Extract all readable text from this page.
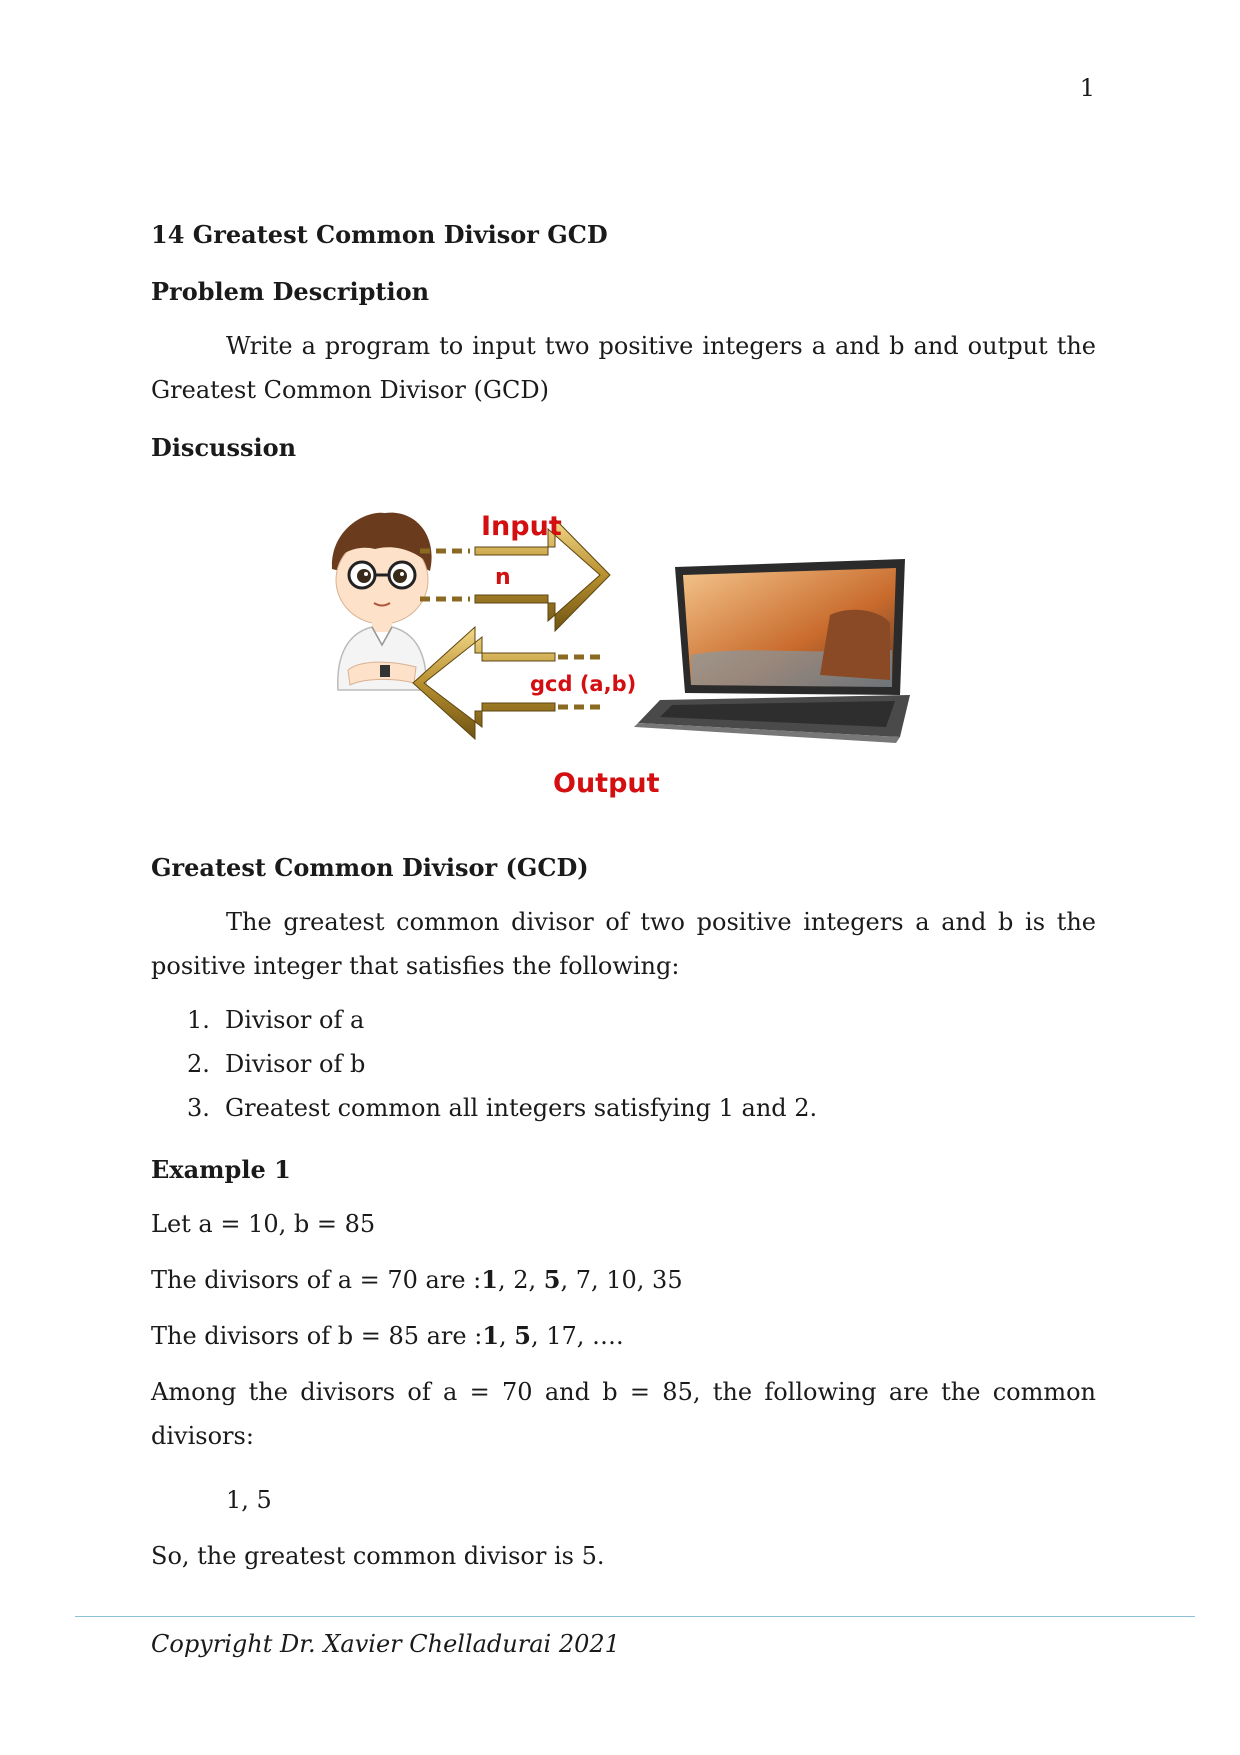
1

14 Greatest Common Divisor GCD

Problem Description

Write a program to input two positive integers a and b and output the Greatest Common Divisor (GCD)

Discussion

Greatest Common Divisor (GCD)

The greatest common divisor of two positive integers a and b is the positive integer that satisfies the following:

1. Divisor of a
2. Divisor of b
3. Greatest common all integers satisfying 1 and 2.

Example 1

Let a = 10, b = 85

The divisors of a = 70 are :1, 2, 5, 7, 10, 35

The divisors of b = 85 are :1, 5, 17, ….

Among the divisors of a = 70 and b = 85, the following are the common divisors:

1, 5

So, the greatest common divisor is 5.

Input
n
gcd (a,b)
Output
Copyright Dr. Xavier Chelladurai 2021
